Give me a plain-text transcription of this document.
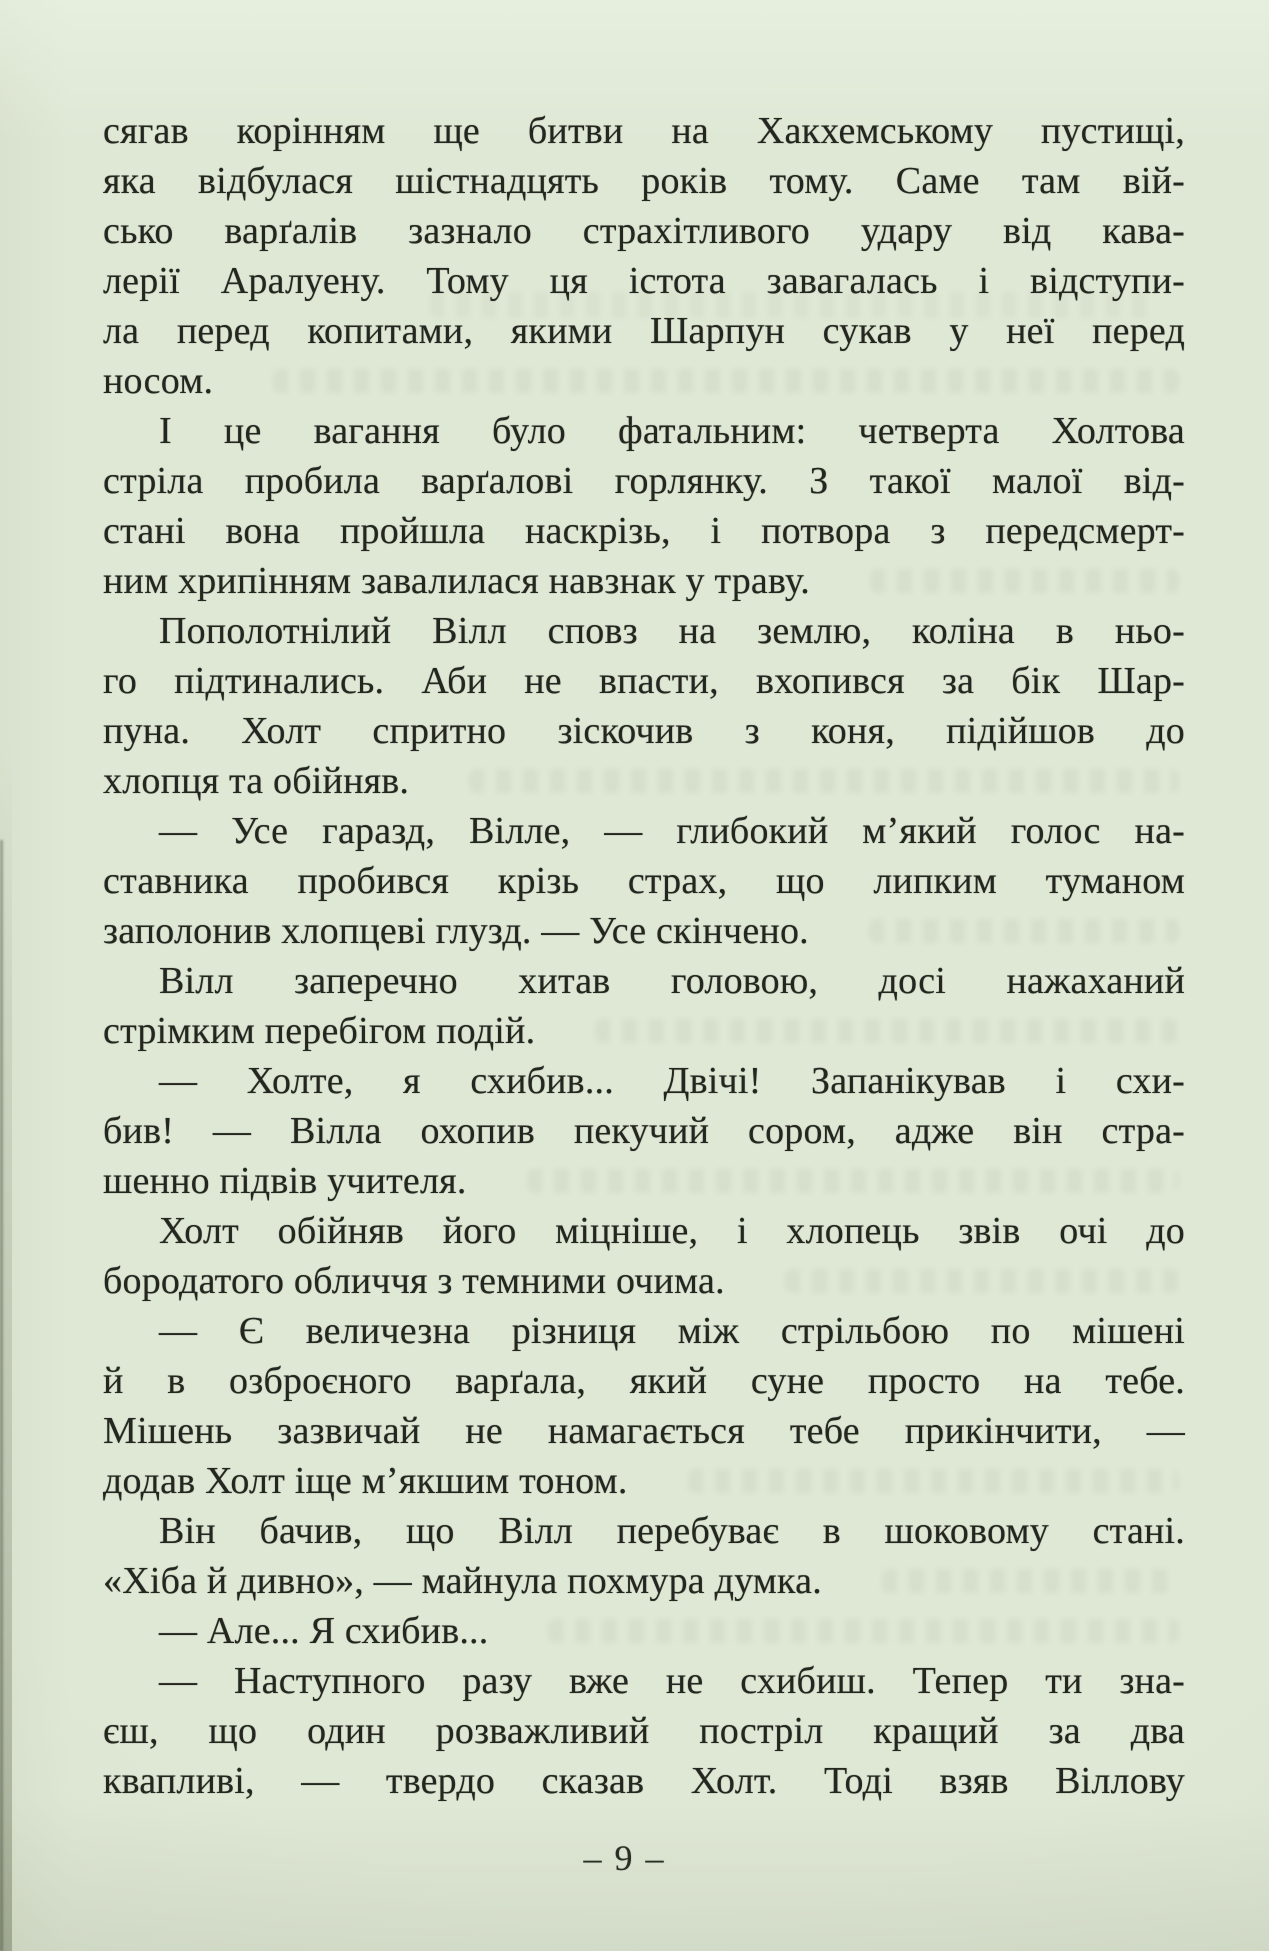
сягав корінням ще битви на Хакхемському пустищі,
яка відбулася шістнадцять років тому. Саме там вій-
сько варґалів зазнало страхітливого удару від кава-
лерії Аралуену. Тому ця істота завагалась і відступи-
ла перед копитами, якими Шарпун сукав у неї перед
носом.
І це вагання було фатальним: четверта Холтова
стріла пробила варґалові горлянку. З такої малої від-
стані вона пройшла наскрізь, і потвора з передсмерт-
ним хрипінням завалилася навзнак у траву.
Пополотнілий Вілл сповз на землю, коліна в ньо-
го підтинались. Аби не впасти, вхопився за бік Шар-
пуна. Холт спритно зіскочив з коня, підійшов до
хлопця та обійняв.
— Усе гаразд, Вілле, — глибокий м’який голос на-
ставника пробився крізь страх, що липким туманом
заполонив хлопцеві глузд. — Усе скінчено.
Вілл заперечно хитав головою, досі нажаханий
стрімким перебігом подій.
— Холте, я схибив... Двічі! Запанікував і схи-
бив! — Вілла охопив пекучий сором, адже він стра-
шенно підвів учителя.
Холт обійняв його міцніше, і хлопець звів очі до
бородатого обличчя з темними очима.
— Є величезна різниця між стрільбою по мішені
й в озброєного варґала, який суне просто на тебе.
Мішень зазвичай не намагається тебе прикінчити, —
додав Холт іще м’якшим тоном.
Він бачив, що Вілл перебуває в шоковому стані.
«Хіба й дивно», — майнула похмура думка.
— Але... Я схибив...
— Наступного разу вже не схибиш. Тепер ти зна-
єш, що один розважливий постріл кращий за два
квапливі, — твердо сказав Холт. Тоді взяв Віллову
– 9 –
